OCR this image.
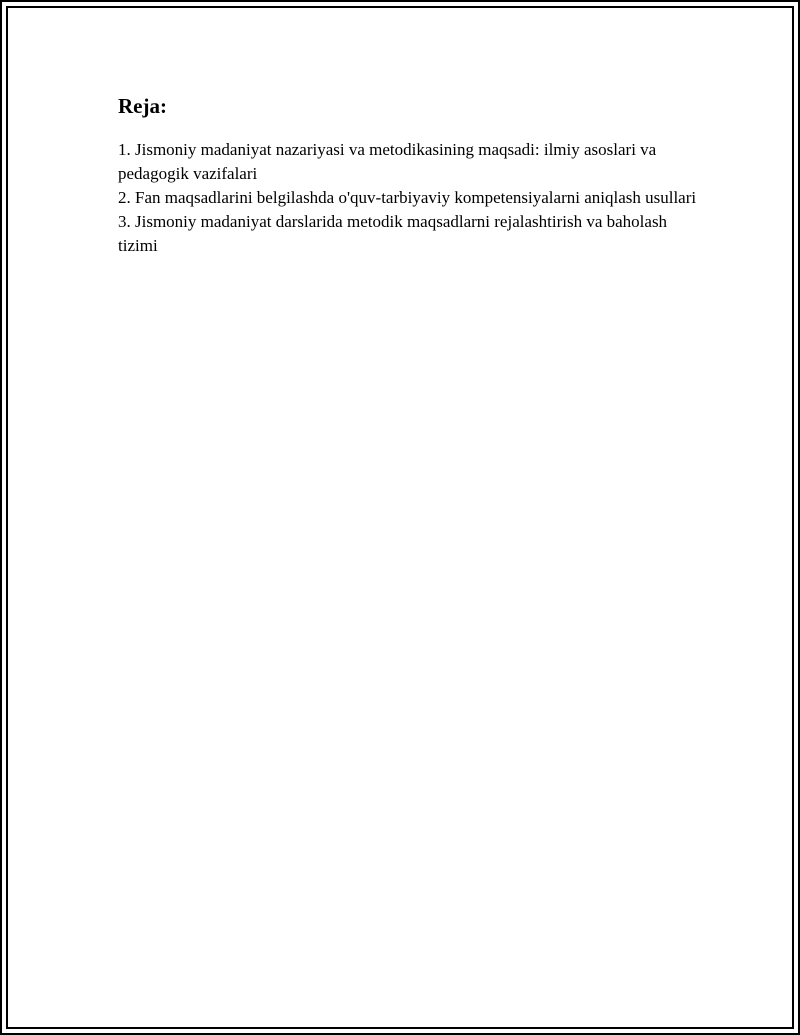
Reja:
1. Jismoniy madaniyat nazariyasi va metodikasining maqsadi: ilmiy asoslari va pedagogik vazifalari
2. Fan maqsadlarini belgilashda o'quv-tarbiyaviy kompetensiyalarni aniqlash usullari
3. Jismoniy madaniyat darslarida metodik maqsadlarni rejalashtirish va baholash tizimi
